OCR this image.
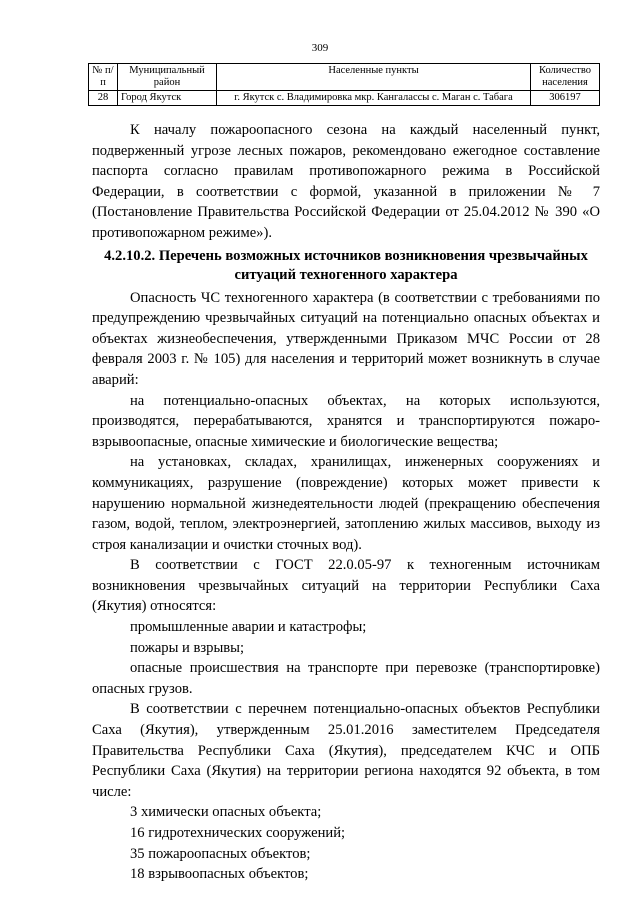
309
№ п/п	Муниципальный район	Населенные пункты	Количество населения
28	Город Якутск	г. Якутск с. Владимировка мкр. Кангалассы с. Маган с. Табага	306197

К началу пожароопасного сезона на каждый населенный пункт, подверженный угрозе лесных пожаров, рекомендовано ежегодное составление паспорта согласно правилам противопожарного режима в Российской Федерации, в соответствии с формой, указанной в приложении № 7 (Постановление Правительства Российской Федерации от 25.04.2012 № 390 «О противопожарном режиме»).

4.2.10.2. Перечень возможных источников возникновения чрезвычайных ситуаций техногенного характера

Опасность ЧС техногенного характера (в соответствии с требованиями по предупреждению чрезвычайных ситуаций на потенциально опасных объектах и объектах жизнеобеспечения, утвержденными Приказом МЧС России от 28 февраля 2003 г. № 105) для населения и территорий может возникнуть в случае аварий:

на потенциально-опасных объектах, на которых используются, производятся, перерабатываются, хранятся и транспортируются пожаро-взрывоопасные, опасные химические и биологические вещества;

на установках, складах, хранилищах, инженерных сооружениях и коммуникациях, разрушение (повреждение) которых может привести к нарушению нормальной жизнедеятельности людей (прекращению обеспечения газом, водой, теплом, электроэнергией, затоплению жилых массивов, выходу из строя канализации и очистки сточных вод).

В соответствии с ГОСТ 22.0.05-97 к техногенным источникам возникновения чрезвычайных ситуаций на территории Республики Саха (Якутия) относятся:

промышленные аварии и катастрофы;

пожары и взрывы;

опасные происшествия на транспорте при перевозке (транспортировке) опасных грузов.

В соответствии с перечнем потенциально-опасных объектов Республики Саха (Якутия), утвержденным 25.01.2016 заместителем Председателя Правительства Республики Саха (Якутия), председателем КЧС и ОПБ Республики Саха (Якутия) на территории региона находятся 92 объекта, в том числе:

3 химически опасных объекта;

16 гидротехнических сооружений;

35 пожароопасных объектов;

18 взрывоопасных объектов;
